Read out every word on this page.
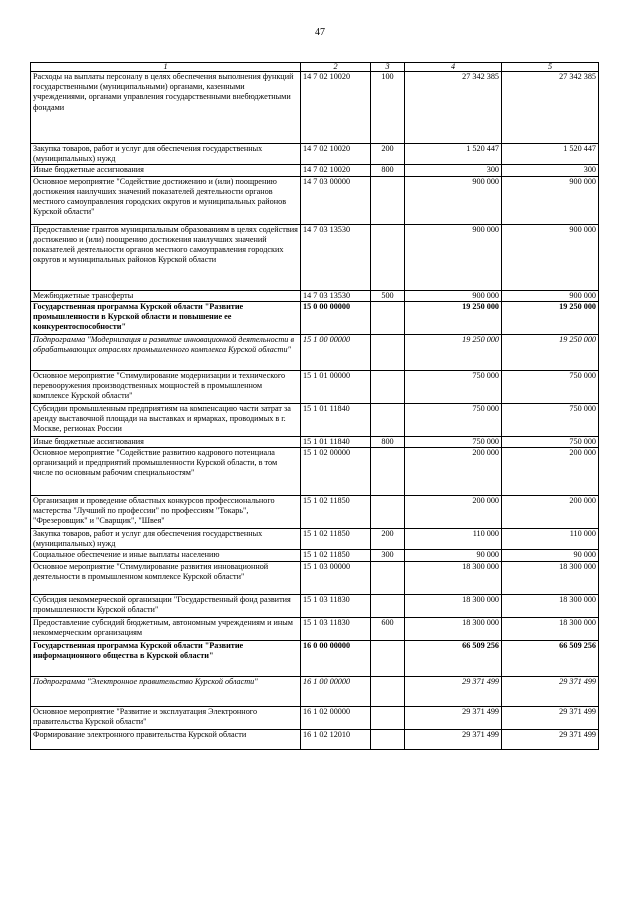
47
1	2	3	4	5
Расходы на выплаты персоналу в целях обеспечения выполнения функций государственными (муниципальными) органами, казенными учреждениями, органами управления государственными внебюджетными фондами	14 7 02 10020	100	27 342 385	27 342 385
Закупка товаров, работ и услуг для обеспечения государственных (муниципальных) нужд	14 7 02 10020	200	1 520 447	1 520 447
Иные бюджетные ассигнования	14 7 02 10020	800	300	300
Основное мероприятие "Содействие достижению и (или) поощрению достижения наилучших значений показателей деятельности органов местного самоуправления городских округов и муниципальных районов Курской области"	14 7 03 00000		900 000	900 000
Предоставление грантов муниципальным образованиям в целях содействия достижению и (или) поощрению достижения наилучших значений показателей деятельности органов местного самоуправления городских округов и муниципальных районов Курской области	14 7 03 13530		900 000	900 000
Межбюджетные трансферты	14 7 03 13530	500	900 000	900 000
Государственная программа Курской области "Развитие промышленности в Курской области и повышение ее конкурентоспособности"	15 0 00 00000		19 250 000	19 250 000
Подпрограмма "Модернизация и развитие инновационной деятельности в обрабатывающих отраслях промышленного комплекса Курской области"	15 1 00 00000		19 250 000	19 250 000
Основное мероприятие "Стимулирование модернизации и технического перевооружения производственных мощностей в промышленном комплексе Курской области"	15 1 01 00000		750 000	750 000
Субсидии промышленным предприятиям на компенсацию части затрат за аренду выставочной площади на выставках и ярмарках, проводимых в г. Москве, регионах России	15 1 01 11840		750 000	750 000
Иные бюджетные ассигнования	15 1 01 11840	800	750 000	750 000
Основное мероприятие "Содействие развитию кадрового потенциала организаций и предприятий промышленности Курской области, в том числе по основным рабочим специальностям"	15 1 02 00000		200 000	200 000
Организация и проведение областных конкурсов профессионального мастерства "Лучший по профессии" по профессиям "Токарь", "Фрезеровщик" и "Сварщик", "Швея"	15 1 02 11850		200 000	200 000
Закупка товаров, работ и услуг для обеспечения государственных (муниципальных) нужд	15 1 02 11850	200	110 000	110 000
Социальное обеспечение и иные выплаты населению	15 1 02 11850	300	90 000	90 000
Основное мероприятие "Стимулирование развития инновационной деятельности в промышленном комплексе Курской области"	15 1 03 00000		18 300 000	18 300 000
Субсидия некоммерческой организации "Государственный фонд развития промышленности Курской области"	15 1 03 11830		18 300 000	18 300 000
Предоставление субсидий бюджетным, автономным учреждениям и иным некоммерческим организациям	15 1 03 11830	600	18 300 000	18 300 000
Государственная программа Курской области "Развитие информационного общества в Курской области"	16 0 00 00000		66 509 256	66 509 256
Подпрограмма "Электронное правительство Курской области"	16 1 00 00000		29 371 499	29 371 499
Основное мероприятие "Развитие и эксплуатация Электронного правительства Курской области"	16 1 02 00000		29 371 499	29 371 499
Формирование электронного правительства Курской области	16 1 02 12010		29 371 499	29 371 499
